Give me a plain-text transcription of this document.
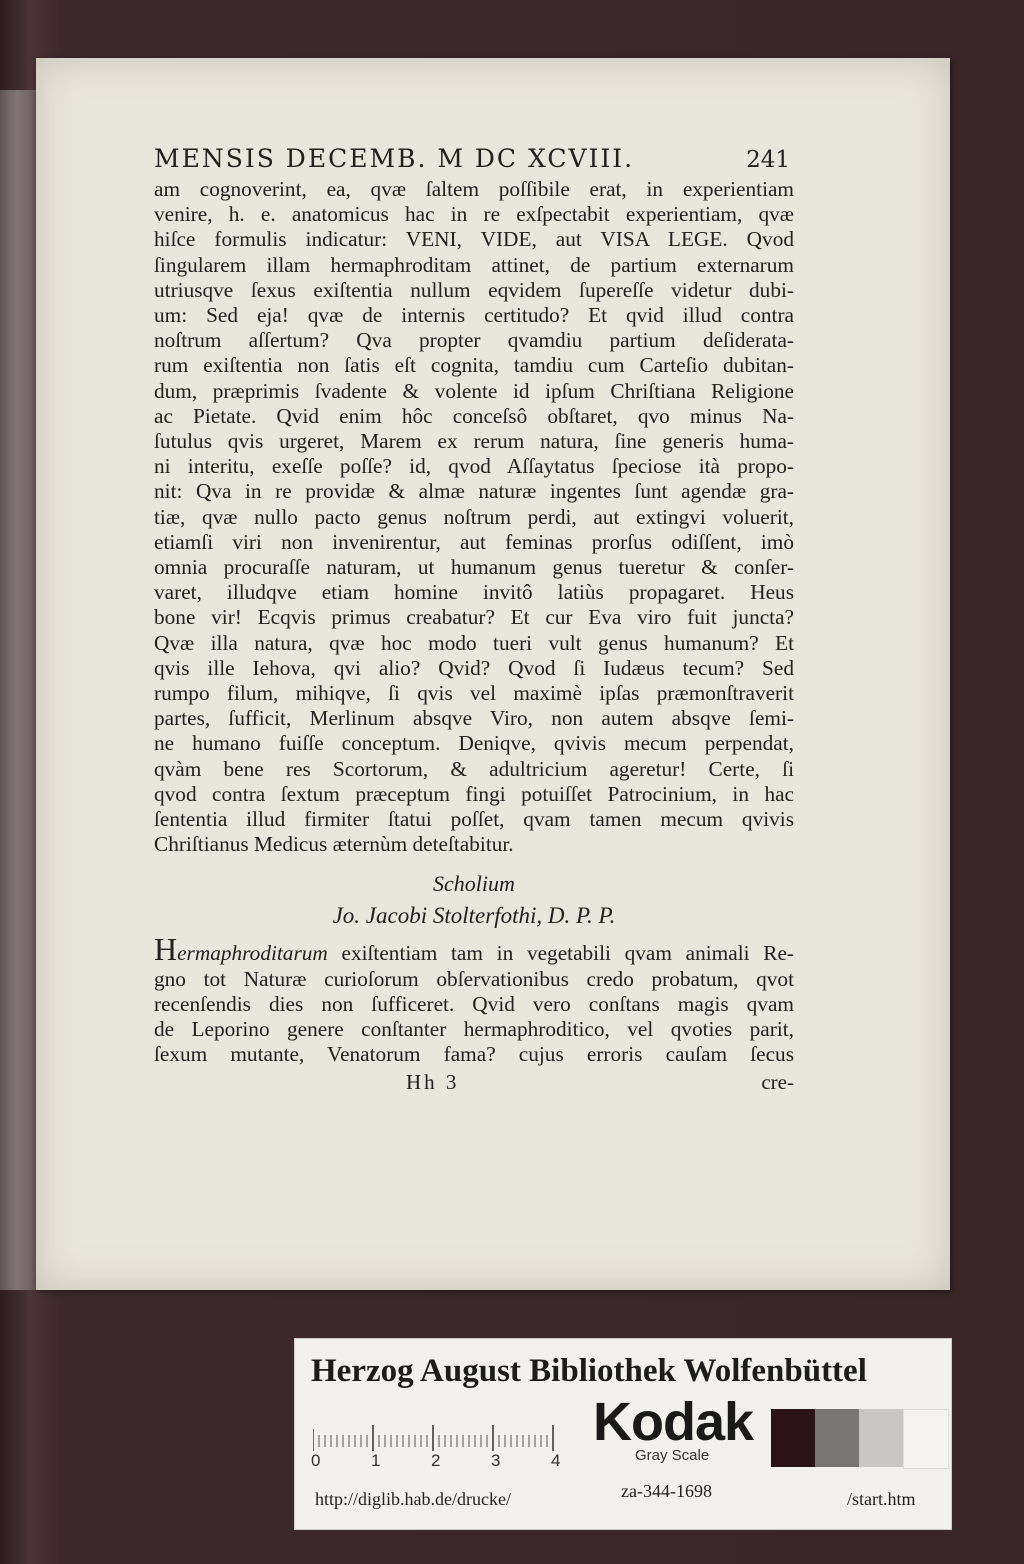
MENSIS DECEMB. M DC XCVIII.	241

am cognoverint, ea, qvæ ſaltem poſſibile erat, in experientiam
venire, h. e. anatomicus hac in re exſpectabit experientiam, qvæ
hiſce formulis indicatur: VENI, VIDE, aut VISA LEGE. Qvod
ſingularem illam hermaphroditam attinet, de partium externarum
utriusqve ſexus exiſtentia nullum eqvidem ſupereſſe videtur dubi-
um: Sed eja! qvæ de internis certitudo? Et qvid illud contra
noſtrum aſſertum? Qva propter qvamdiu partium deſiderata-
rum exiſtentia non ſatis eſt cognita, tamdiu cum Carteſio dubitan-
dum, præprimis ſvadente & volente id ipſum Chriſtiana Religione
ac Pietate. Qvid enim hôc conceſsô obſtaret, qvo minus Na-
ſutulus qvis urgeret, Marem ex rerum natura, ſine generis huma-
ni interitu, exeſſe poſſe? id, qvod Aſſaytatus ſpeciose ità propo-
nit: Qva in re providæ & almæ naturæ ingentes ſunt agendæ gra-
tiæ, qvæ nullo pacto genus noſtrum perdi, aut extingvi voluerit,
etiamſi viri non invenirentur, aut feminas prorſus odiſſent, imò
omnia procuraſſe naturam, ut humanum genus tueretur & conſer-
varet, illudqve etiam homine invitô latiùs propagaret. Heus
bone vir! Ecqvis primus creabatur? Et cur Eva viro fuit juncta?
Qvæ illa natura, qvæ hoc modo tueri vult genus humanum? Et
qvis ille Iehova, qvi alio? Qvid? Qvod ſi Iudæus tecum? Sed
rumpo filum, mihiqve, ſi qvis vel maximè ipſas præmonſtraverit
partes, ſufficit, Merlinum absqve Viro, non autem absqve ſemi-
ne humano fuiſſe conceptum. Deniqve, qvivis mecum perpendat,
qvàm bene res Scortorum, & adultricium ageretur! Certe, ſi
qvod contra ſextum præceptum fingi potuiſſet Patrocinium, in hac
ſententia illud firmiter ſtatui poſſet, qvam tamen mecum qvivis
Chriſtianus Medicus æternùm deteſtabitur.

Scholium
Jo. Jacobi Stolterfothi, D. P. P.

Hermaphroditarum exiſtentiam tam in vegetabili qvam animali Re-
gno tot Naturæ curioſorum obſervationibus credo probatum, qvot
recenſendis dies non ſufficeret. Qvid vero conſtans magis qvam
de Leporino genere conſtanter hermaphroditico, vel qvoties parit,
ſexum mutante, Venatorum fama? cujus erroris cauſam ſecus

Hh 3	cre-
Herzog August Bibliothek Wolfenbüttel
0	1	2	3	4
Kodak
Gray Scale
http://diglib.hab.de/drucke/	za-344-1698	/start.htm
